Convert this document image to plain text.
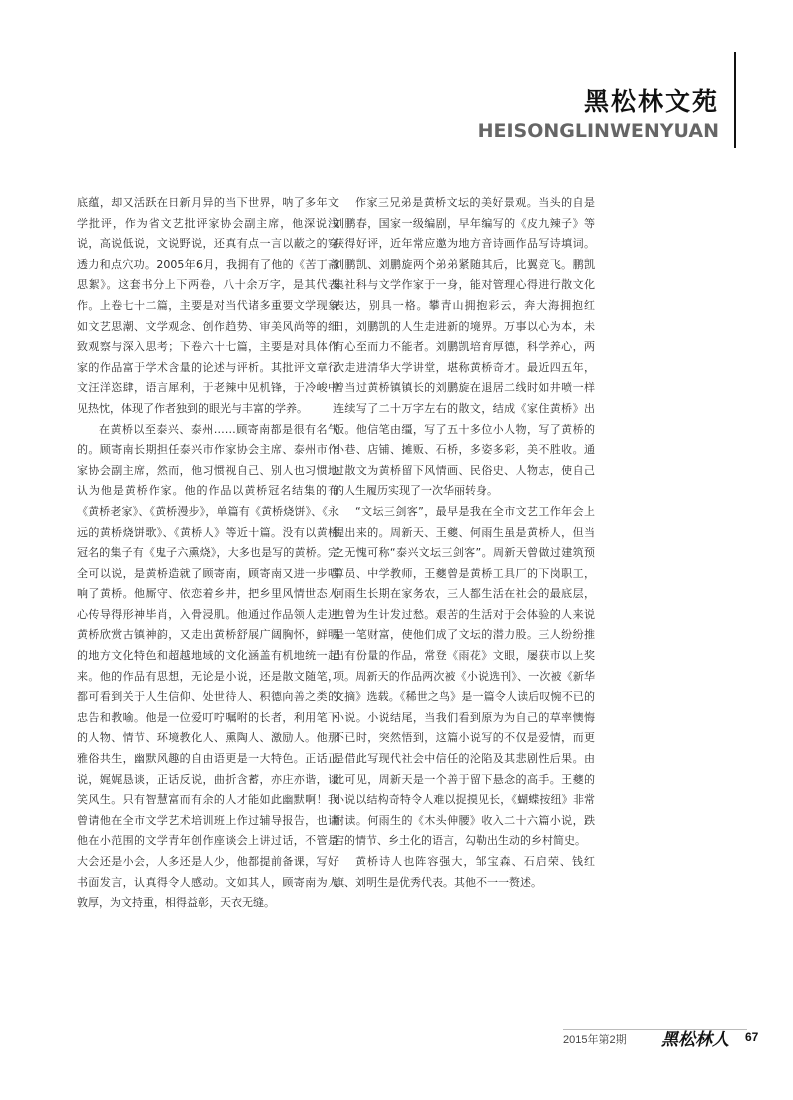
黑松林文苑
HEISONGLINWENYUAN

底蕴，却又活跃在日新月异的当下世界，呐了多年文学批评，作为省文艺批评家协会副主席，他深说浅说，高说低说，文说野说，还真有点一言以蔽之的穿透力和点穴功。2005年6月，我拥有了他的《苦丁斋思絮》。这套书分上下两卷，八十余万字，是其代表作。上卷七十二篇，主要是对当代诸多重要文学现象如文艺思潮、文学观念、创作趋势、审美风尚等的细致观察与深入思考；下卷六十七篇，主要是对具体作家的作品富于学术含量的论述与评析。其批评文章行文汪洋恣肆，语言犀利，于老辣中见机锋，于冷峻中见热忱，体现了作者独到的眼光与丰富的学养。

在黄桥以至泰兴、泰州……顾寄南都是很有名气的。顾寄南长期担任泰兴市作家协会主席、泰州市作家协会副主席，然而，他习惯视自己、别人也习惯地认为他是黄桥作家。他的作品以黄桥冠名结集的有《黄桥老家》、《黄桥漫步》，单篇有《黄桥烧饼》、《永远的黄桥烧饼歌》、《黄桥人》等近十篇。没有以黄桥冠名的集子有《鬼子六熏烧》，大多也是写的黄桥。完全可以说，是黄桥造就了顾寄南，顾寄南又进一步唱响了黄桥。他厮守、依恋着乡井，把乡里风情世态人心传导得形神毕肖，入骨浸肌。他通过作品领人走进黄桥欣赏古镇神韵，又走出黄桥舒展广阔胸怀，鲜明的地方文化特色和超越地域的文化涵盖有机地统一起来。他的作品有思想，无论是小说，还是散文随笔，都可看到关于人生信仰、处世待人、积德向善之类的忠告和教喻。他是一位爱叮咛嘱咐的长者，利用笔下的人物、情节、环境教化人、熏陶人、激励人。他那雅俗共生，幽默风趣的自由语更是一大特色。正话正说，娓娓恳谈，正话反说，曲折含蓄，亦庄亦谐，谈笑风生。只有智慧富而有余的人才能如此幽默啊！我曾请他在全市文学艺术培训班上作过辅导报告，也请他在小范围的文学青年创作座谈会上讲过话，不管是大会还是小会，人多还是人少，他都提前备课，写好书面发言，认真得令人感动。文如其人，顾寄南为人敦厚，为文持重，相得益彰，天衣无缝。

作家三兄弟是黄桥文坛的美好景观。当头的自是刘鹏春，国家一级编剧，早年编写的《皮九辣子》等获得好评，近年常应邀为地方音诗画作品写诗填词。刘鹏凯、刘鹏旋两个弟弟紧随其后，比翼竞飞。鹏凯集社科与文学作家于一身，能对管理心得进行散文化表达，别具一格。攀青山拥抱彩云，奔大海拥抱红日，刘鹏凯的人生走进新的境界。万事以心为本，未有心至而力不能者。刘鹏凯培育厚德，科学养心，两次走进清华大学讲堂，堪称黄桥奇才。最近四五年，曾当过黄桥镇镇长的刘鹏旋在退居二线时如井喷一样连续写了二十万字左右的散文，结成《家住黄桥》出版。他信笔由缰，写了五十多位小人物，写了黄桥的小巷、店铺、摊贩、石桥，多姿多彩，美不胜收。通过散文为黄桥留下风情画、民俗史、人物志，使自己的人生履历实现了一次华丽转身。

“文坛三剑客”，最早是我在全市文艺工作年会上提出来的。周新天、王夔、何雨生虽是黄桥人，但当之无愧可称“泰兴文坛三剑客”。周新天曾做过建筑预算员、中学教师，王夔曾是黄桥工具厂的下岗职工，何雨生长期在家务农，三人都生活在社会的最底层，也曾为生计发过愁。艰苦的生活对于会体验的人来说是一笔财富，使他们成了文坛的潜力股。三人纷纷推出有份量的作品，常登《雨花》文眼，屡获市以上奖项。周新天的作品两次被《小说选刊》、一次被《新华文摘》选载。《稀世之鸟》是一篇令人读后叹惋不已的小说。小说结尾，当我们看到原为为自己的草率懊悔不已时，突然悟到，这篇小说写的不仅是爱情，而更是借此写现代社会中信任的沦陷及其悲剧性后果。由此可见，周新天是一个善于留下悬念的高手。王夔的小说以结构奇特令人难以捉摸见长，《蝴蝶按纽》非常耐读。何雨生的《木头伸腰》收入二十六篇小说，跌宕的情节、乡土化的语言，勾勒出生动的乡村简史。

黄桥诗人也阵容强大，邹宝森、石启荣、钱红旗、刘明生是优秀代表。其他不一一赘述。

2015年第2期 黑松林人 67
